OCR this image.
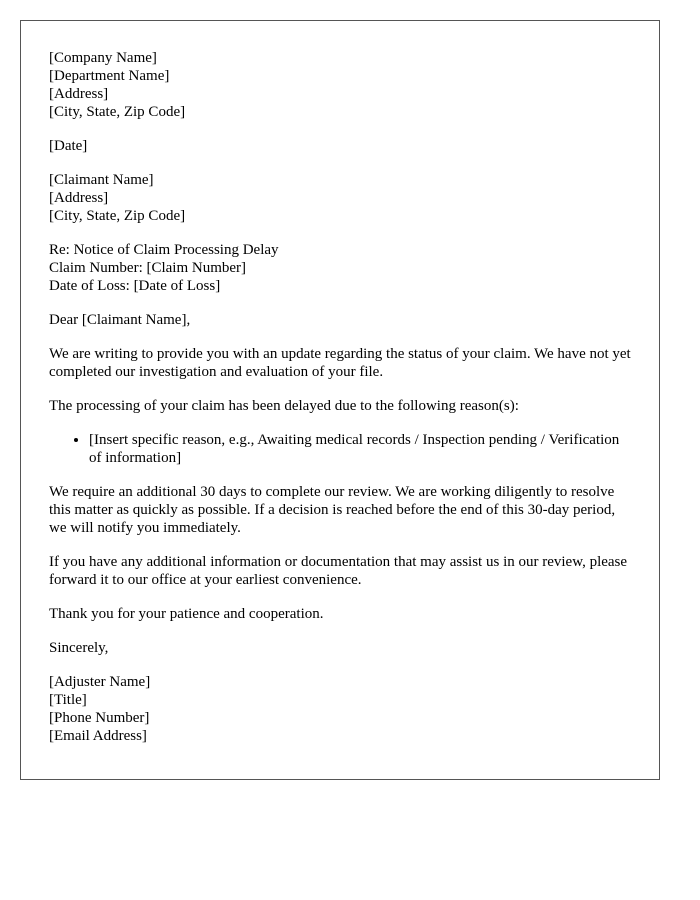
[Company Name]
[Department Name]
[Address]
[City, State, Zip Code]
[Date]
[Claimant Name]
[Address]
[City, State, Zip Code]
Re: Notice of Claim Processing Delay
Claim Number: [Claim Number]
Date of Loss: [Date of Loss]

Dear [Claimant Name],

We are writing to provide you with an update regarding the status of your claim. We have not yet completed our investigation and evaluation of your file.

The processing of your claim has been delayed due to the following reason(s):

• [Insert specific reason, e.g., Awaiting medical records / Inspection pending / Verification of information]

We require an additional 30 days to complete our review. We are working diligently to resolve this matter as quickly as possible. If a decision is reached before the end of this 30-day period, we will notify you immediately.

If you have any additional information or documentation that may assist us in our review, please forward it to our office at your earliest convenience.

Thank you for your patience and cooperation.

Sincerely,

[Adjuster Name]
[Title]
[Phone Number]
[Email Address]
